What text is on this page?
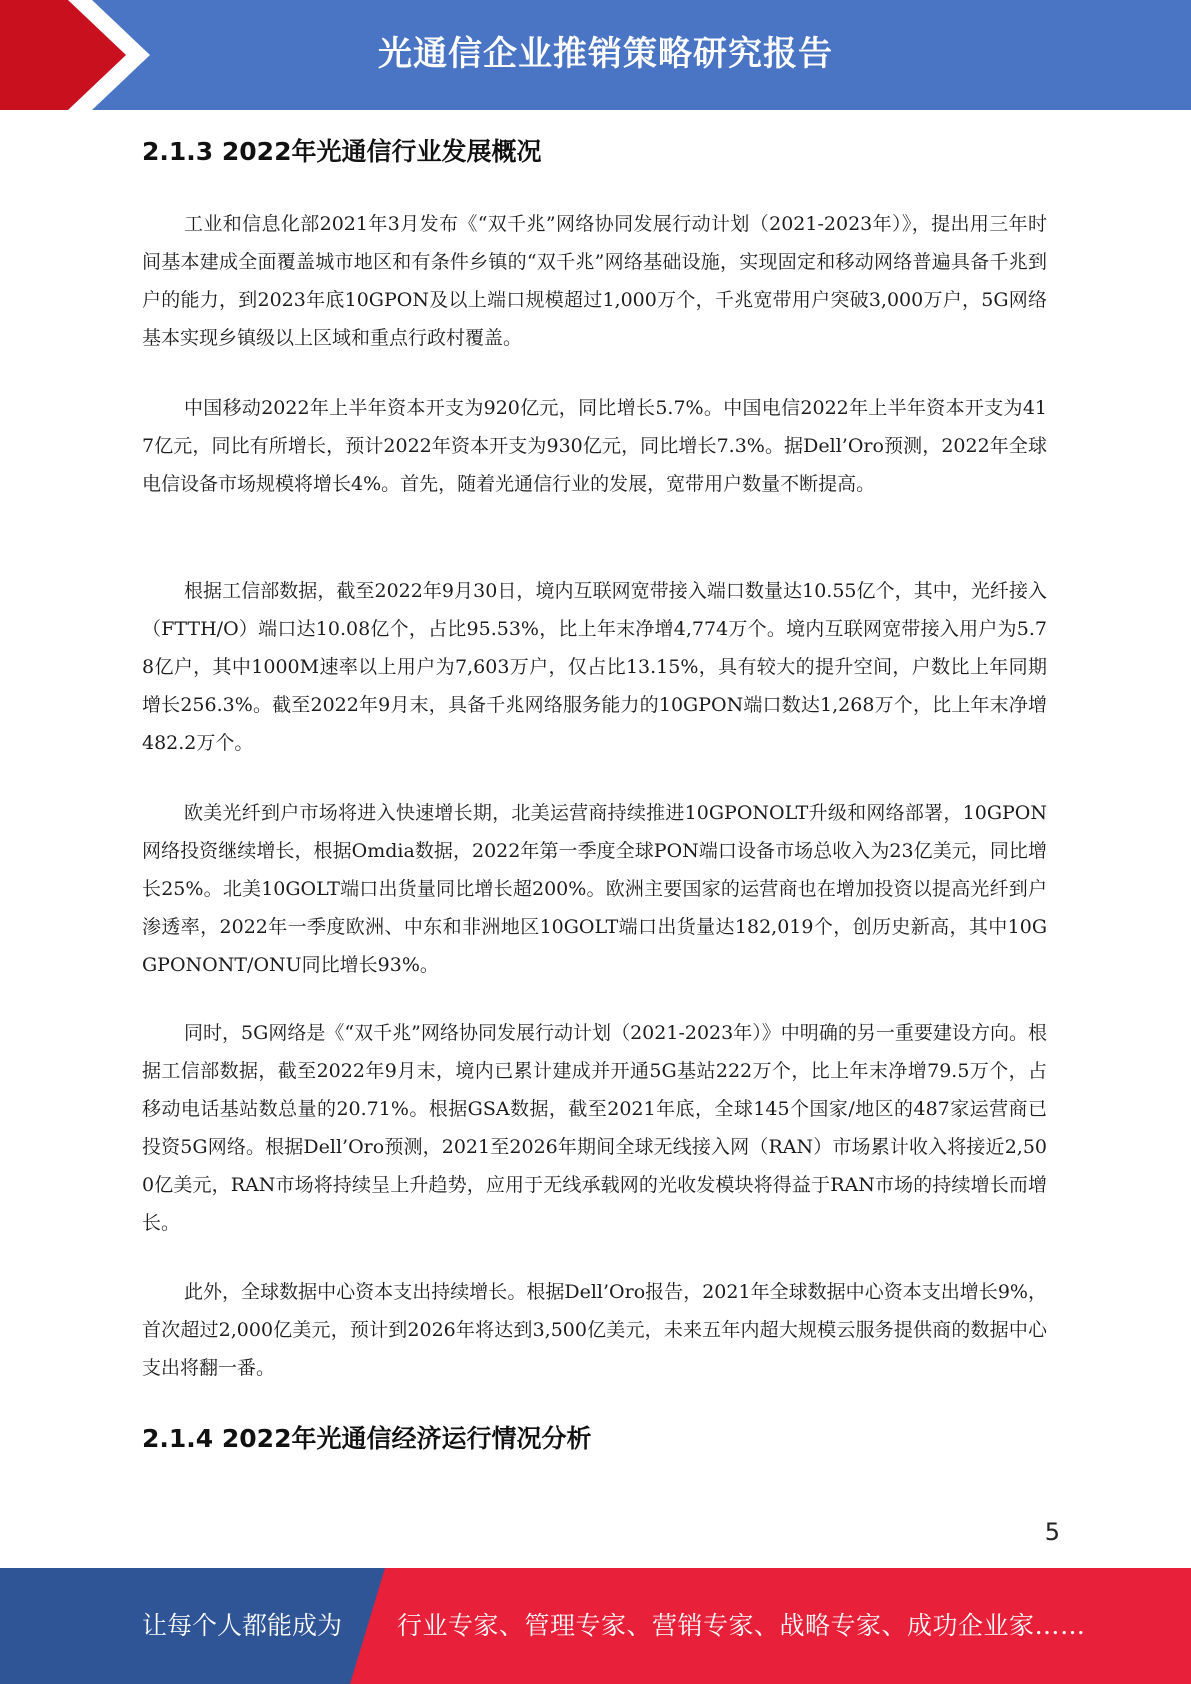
光通信企业推销策略研究报告
2.1.3 2022年光通信行业发展概况

工业和信息化部2021年3月发布《“双千兆”网络协同发展行动计划（2021-2023年）》，提出用三年时间基本建成全面覆盖城市地区和有条件乡镇的“双千兆”网络基础设施，实现固定和移动网络普遍具备千兆到户的能力，到2023年底10GPON及以上端口规模超过1,000万个，千兆宽带用户突破3,000万户，5G网络基本实现乡镇级以上区域和重点行政村覆盖。

中国移动2022年上半年资本开支为920亿元，同比增长5.7%。中国电信2022年上半年资本开支为417亿元，同比有所增长，预计2022年资本开支为930亿元，同比增长7.3%。据Dell’Oro预测，2022年全球电信设备市场规模将增长4%。首先，随着光通信行业的发展，宽带用户数量不断提高。

根据工信部数据，截至2022年9月30日，境内互联网宽带接入端口数量达10.55亿个，其中，光纤接入（FTTH/O）端口达10.08亿个，占比95.53%，比上年末净增4,774万个。境内互联网宽带接入用户为5.78亿户，其中1000M速率以上用户为7,603万户，仅占比13.15%，具有较大的提升空间，户数比上年同期增长256.3%。截至2022年9月末，具备千兆网络服务能力的10GPON端口数达1,268万个，比上年末净增482.2万个。

欧美光纤到户市场将进入快速增长期，北美运营商持续推进10GPONOLT升级和网络部署，10GPON网络投资继续增长，根据Omdia数据，2022年第一季度全球PON端口设备市场总收入为23亿美元，同比增长25%。北美10GOLT端口出货量同比增长超200%。欧洲主要国家的运营商也在增加投资以提高光纤到户渗透率，2022年一季度欧洲、中东和非洲地区10GOLT端口出货量达182,019个，创历史新高，其中10GGPONONT/ONU同比增长93%。

同时，5G网络是《“双千兆”网络协同发展行动计划（2021-2023年）》中明确的另一重要建设方向。根据工信部数据，截至2022年9月末，境内已累计建成并开通5G基站222万个，比上年末净增79.5万个，占移动电话基站数总量的20.71%。根据GSA数据，截至2021年底，全球145个国家/地区的487家运营商已投资5G网络。根据Dell’Oro预测，2021至2026年期间全球无线接入网（RAN）市场累计收入将接近2,500亿美元，RAN市场将持续呈上升趋势，应用于无线承载网的光收发模块将得益于RAN市场的持续增长而增长。

此外，全球数据中心资本支出持续增长。根据Dell’Oro报告，2021年全球数据中心资本支出增长9%，首次超过2,000亿美元，预计到2026年将达到3,500亿美元，未来五年内超大规模云服务提供商的数据中心支出将翻一番。

2.1.4 2022年光通信经济运行情况分析
5
让每个人都能成为 行业专家、管理专家、营销专家、战略专家、成功企业家……
